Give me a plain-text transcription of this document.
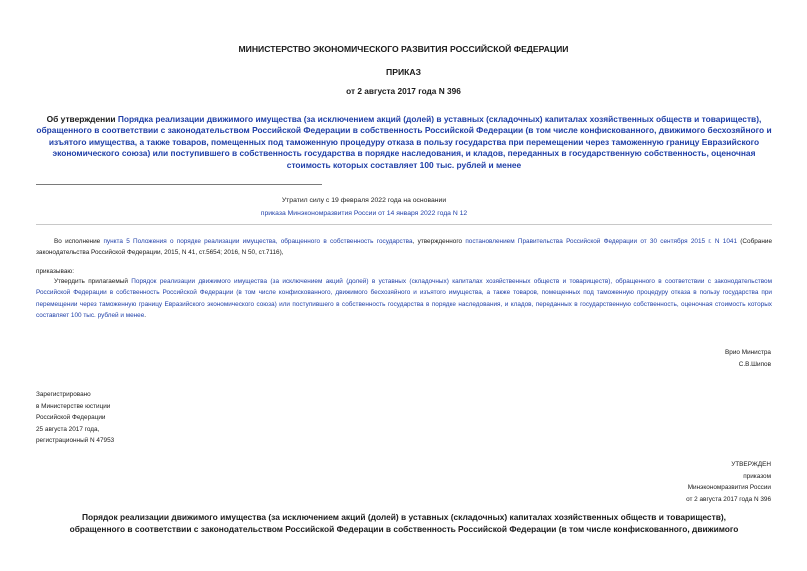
МИНИСТЕРСТВО ЭКОНОМИЧЕСКОГО РАЗВИТИЯ РОССИЙСКОЙ ФЕДЕРАЦИИ
ПРИКАЗ
от 2 августа 2017 года N 396
Об утверждении Порядка реализации движимого имущества (за исключением акций (долей) в уставных (складочных) капиталах хозяйственных обществ и товариществ), обращенного в соответствии с законодательством Российской Федерации в собственность Российской Федерации (в том числе конфискованного, движимого бесхозяйного и изъятого имущества, а также товаров, помещенных под таможенную процедуру отказа в пользу государства при перемещении через таможенную границу Евразийского экономического союза) или поступившего в собственность государства в порядке наследования, и кладов, переданных в государственную собственность, оценочная стоимость которых составляет 100 тыс. рублей и менее
Утратил силу с 19 февраля 2022 года на основании
приказа Минэкономразвития России от 14 января 2022 года N 12
Во исполнение пункта 5 Положения о порядке реализации имущества, обращенного в собственность государства, утвержденного постановлением Правительства Российской Федерации от 30 сентября 2015 г. N 1041 (Собрание законодательства Российской Федерации, 2015, N 41, ст.5654; 2016, N 50, ст.7116),
приказываю:
Утвердить прилагаемый Порядок реализации движимого имущества (за исключением акций (долей) в уставных (складочных) капиталах хозяйственных обществ и товариществ), обращенного в соответствии с законодательством Российской Федерации в собственность Российской Федерации (в том числе конфискованного, движимого бесхозяйного и изъятого имущества, а также товаров, помещенных под таможенную процедуру отказа в пользу государства при перемещении через таможенную границу Евразийского экономического союза) или поступившего в собственность государства в порядке наследования, и кладов, переданных в государственную собственность, оценочная стоимость которых составляет 100 тыс. рублей и менее.
Врио Министра
С.В.Шипов
Зарегистрировано
в Министерстве юстиции
Российской Федерации
25 августа 2017 года,
регистрационный N 47953
УТВЕРЖДЕН
приказом
Минэкономразвития России
от 2 августа 2017 года N 396
Порядок реализации движимого имущества (за исключением акций (долей) в уставных (складочных) капиталах хозяйственных обществ и товариществ),
обращенного в соответствии с законодательством Российской Федерации в собственность Российской Федерации (в том числе конфискованного, движимого
